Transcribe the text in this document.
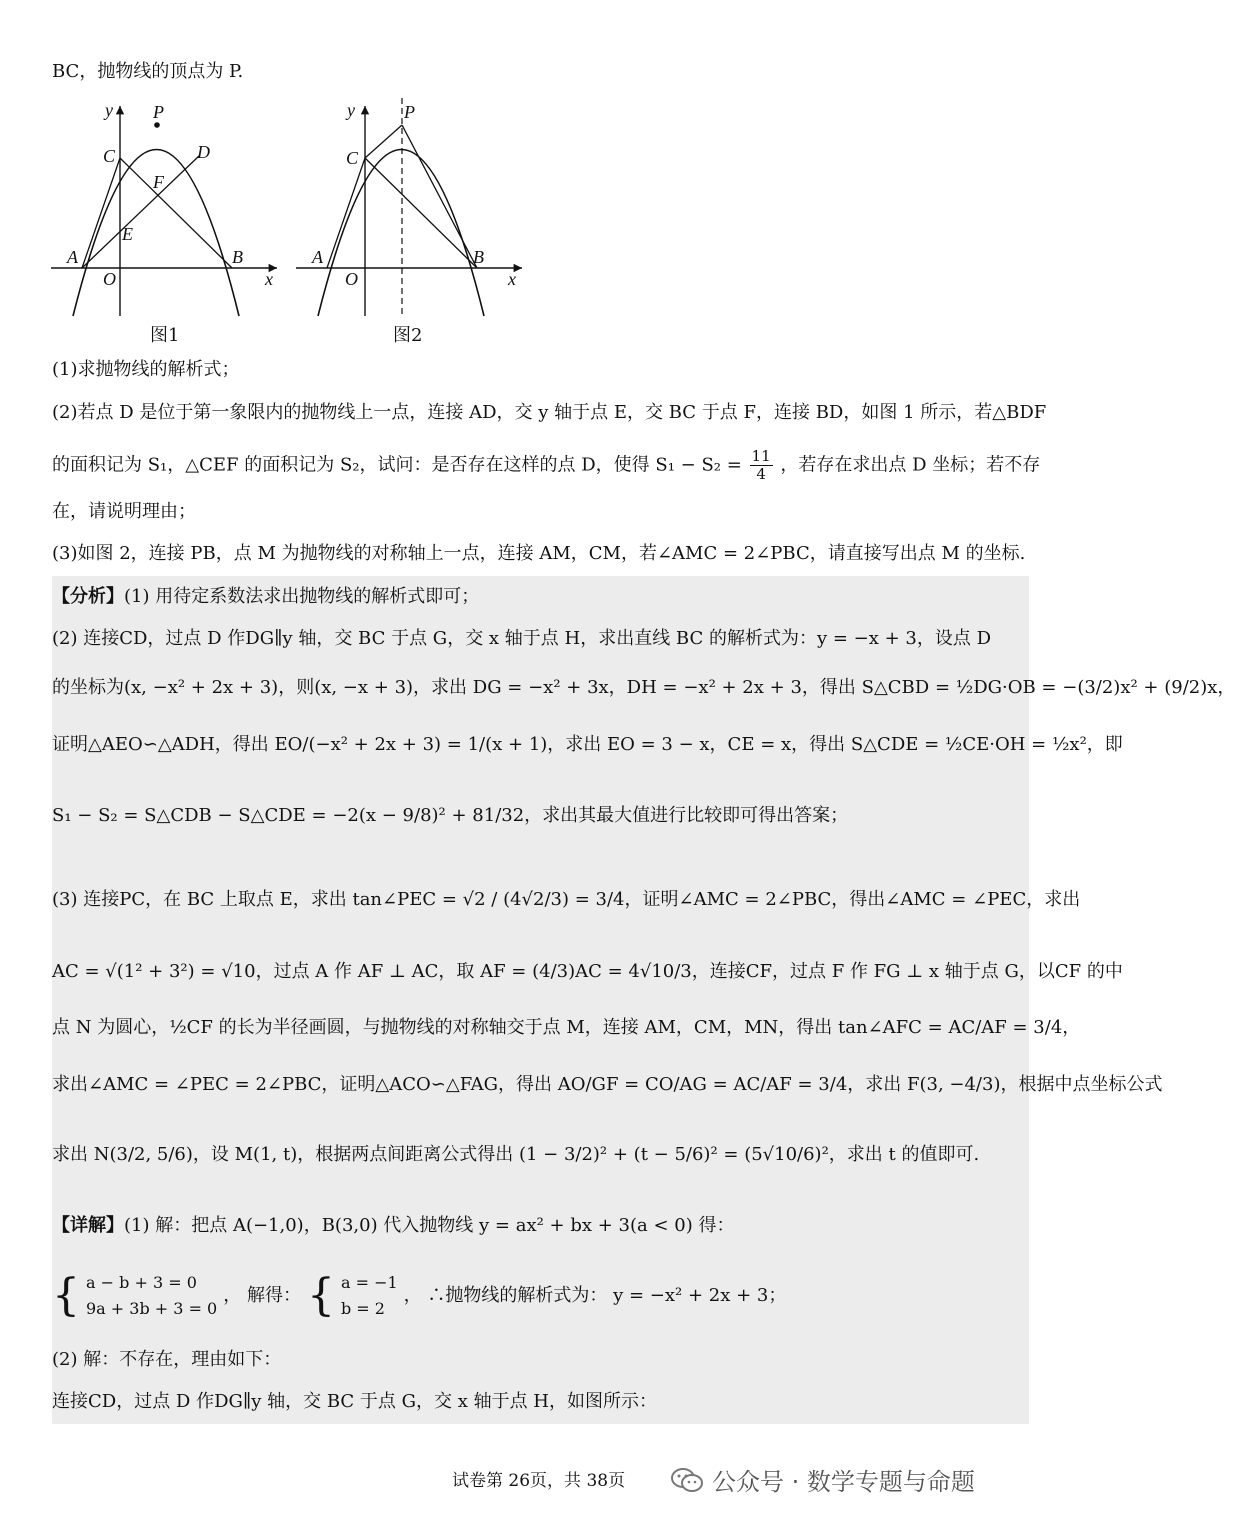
BC，抛物线的顶点为 P.
y P
C	D
F
E
A
O
B
x
图1
y	P
C
A
O
B
x
图2
(1)求抛物线的解析式；
(2)若点 D 是位于第一象限内的抛物线上一点，连接 AD，交 y 轴于点 E，交 BC 于点 F，连接 BD，如图 1 所示，若△BDF
的面积记为 S₁，△CEF 的面积记为 S₂，试问：是否存在这样的点 D，使得 $S_1 - S_2 = \frac{11}{4}$ ，若存在求出点 D 坐标；若不存
在，请说明理由；
(3)如图 2，连接 PB，点 M 为抛物线的对称轴上一点，连接 AM，CM，若∠AMC = 2∠PBC，请直接写出点 M 的坐标.
【分析】(1) 用待定系数法求出抛物线的解析式即可；
(2) 连接CD，过点 D 作DG∥y 轴，交 BC 于点 G，交 x 轴于点 H，求出直线 BC 的解析式为：y = −x + 3，设点 D
的坐标为(x, −x² + 2x + 3)，则(x, −x + 3)，求出 DG = −x² + 3x，DH = −x² + 2x + 3，得出 S△CBD = ½DG·OB = −(3/2)x² + (9/2)x，
证明△AEO∽△ADH，得出 EO/(−x² + 2x + 3) = 1/(x + 1)，求出 EO = 3 − x，CE = x，得出 S△CDE = ½CE·OH = ½x²，即
S₁ − S₂ = S△CDB − S△CDE = −2(x − 9/8)² + 81/32，求出其最大值进行比较即可得出答案；
(3) 连接PC，在 BC 上取点 E，求出 tan∠PEC = √2 / (4√2/3) = 3/4，证明∠AMC = 2∠PBC，得出∠AMC = ∠PEC，求出
AC = √(1² + 3²) = √10，过点 A 作 AF ⊥ AC，取 AF = (4/3)AC = 4√10/3，连接CF，过点 F 作 FG ⊥ x 轴于点 G，以CF 的中
点 N 为圆心，½CF 的长为半径画圆，与抛物线的对称轴交于点 M，连接 AM，CM，MN，得出 tan∠AFC = AC/AF = 3/4，
求出∠AMC = ∠PEC = 2∠PBC，证明△ACO∽△FAG，得出 AO/GF = CO/AG = AC/AF = 3/4，求出 F(3, −4/3)，根据中点坐标公式
求出 N(3/2, 5/6)，设 M(1, t)，根据两点间距离公式得出 (1 − 3/2)² + (t − 5/6)² = (5√10/6)²，求出 t 的值即可.
【详解】(1) 解：把点 A(−1,0)，B(3,0) 代入抛物线 y = ax² + bx + 3(a < 0) 得：
{ a − b + 3 = 0
9a + 3b + 3 = 0
， 解得： { a = −1
b = 2
， ∴抛物线的解析式为： y = −x² + 2x + 3；
(2) 解：不存在，理由如下：
连接CD，过点 D 作DG∥y 轴，交 BC 于点 G，交 x 轴于点 H，如图所示：
试卷第 26页，共 38页	公众号 · 数学专题与命题
